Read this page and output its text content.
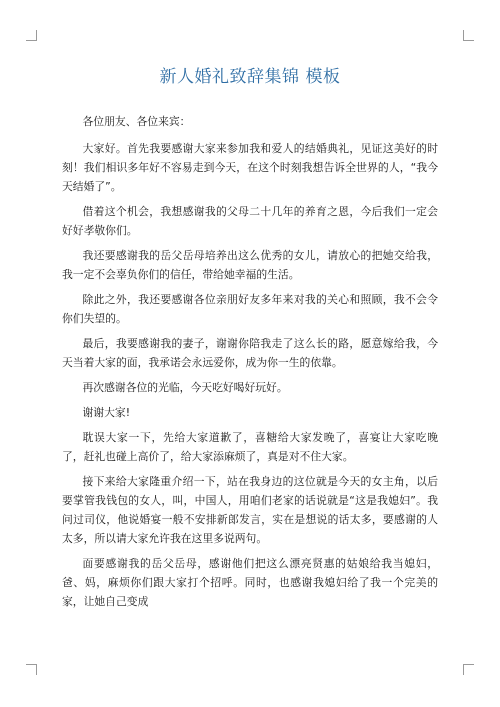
新人婚礼致辞集锦 模板

各位朋友、各位来宾：

大家好。首先我要感谢大家来参加我和爱人的结婚典礼，见证这美好的时刻！我们相识多年好不容易走到今天，在这个时刻我想告诉全世界的人，“我今天结婚了”。

借着这个机会，我想感谢我的父母二十几年的养育之恩，今后我们一定会好好孝敬你们。

我还要感谢我的岳父岳母培养出这么优秀的女儿，请放心的把她交给我，我一定不会辜负你们的信任，带给她幸福的生活。

除此之外，我还要感谢各位亲朋好友多年来对我的关心和照顾，我不会令你们失望的。

最后，我要感谢我的妻子，谢谢你陪我走了这么长的路，愿意嫁给我，今天当着大家的面，我承诺会永远爱你，成为你一生的依靠。

再次感谢各位的光临，今天吃好喝好玩好。

谢谢大家!

耽误大家一下，先给大家道歉了，喜糖给大家发晚了，喜宴让大家吃晚了，赶礼也碰上高价了，给大家添麻烦了，真是对不住大家。

接下来给大家隆重介绍一下，站在我身边的这位就是今天的女主角，以后要掌管我钱包的女人，叫，中国人，用咱们老家的话说就是“这是我媳妇”。我问过司仪，他说婚宴一般不安排新郎发言，实在是想说的话太多，要感谢的人太多，所以请大家允许我在这里多说两句。

面要感谢我的岳父岳母，感谢他们把这么漂亮贤惠的姑娘给我当媳妇，爸、妈，麻烦你们跟大家打个招呼。同时，也感谢我媳妇给了我一个完美的家，让她自己变成
